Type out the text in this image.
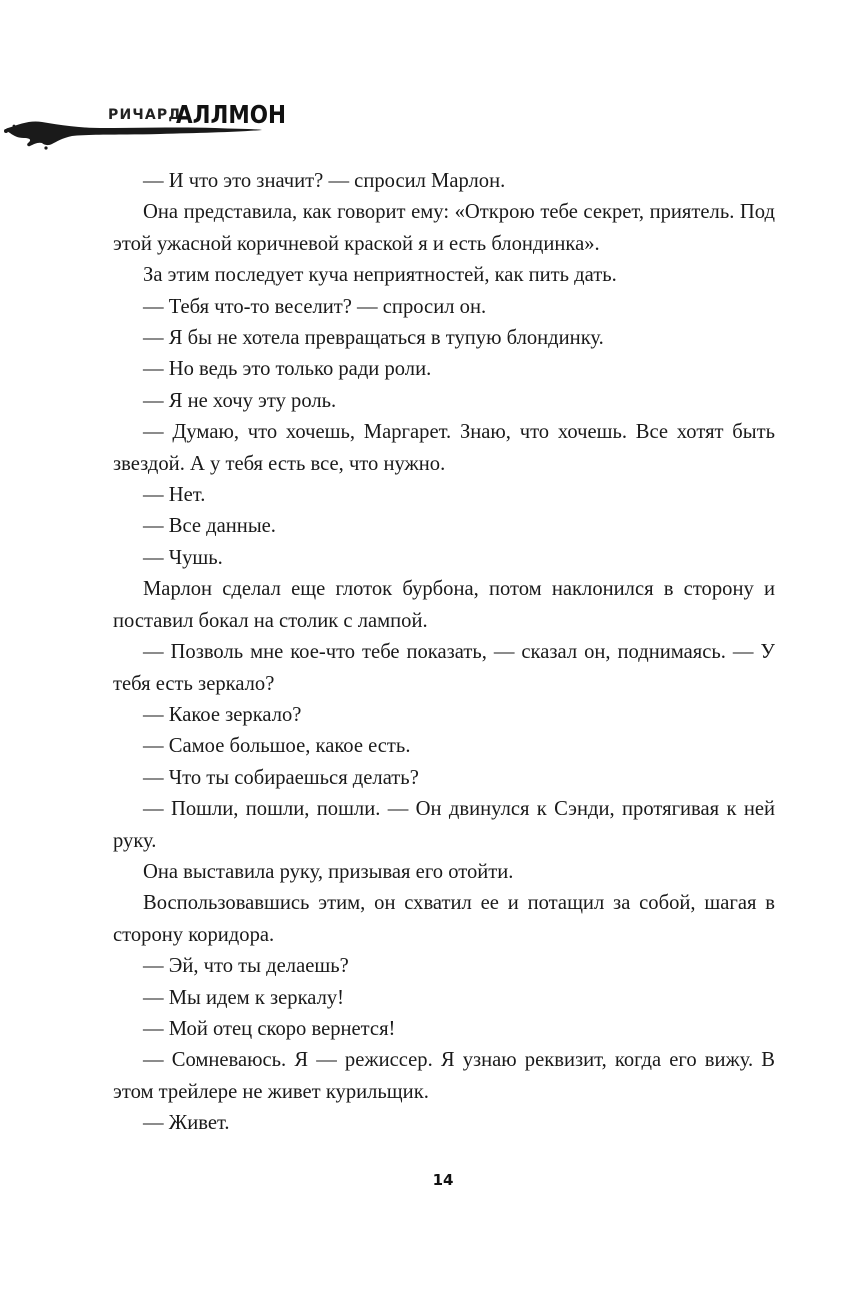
РИЧАРД
АЛЛМОН

— И что это значит? — спросил Марлон.

Она представила, как говорит ему: «Открою тебе секрет, приятель. Под этой ужасной коричневой краской я и есть блондинка».

За этим последует куча неприятностей, как пить дать.

— Тебя что-то веселит? — спросил он.

— Я бы не хотела превращаться в тупую блондинку.

— Но ведь это только ради роли.

— Я не хочу эту роль.

— Думаю, что хочешь, Маргарет. Знаю, что хочешь. Все хотят быть звездой. А у тебя есть все, что нужно.

— Нет.

— Все данные.

— Чушь.

Марлон сделал еще глоток бурбона, потом наклонился в сторону и поставил бокал на столик с лампой.

— Позволь мне кое-что тебе показать, — сказал он, поднимаясь. — У тебя есть зеркало?

— Какое зеркало?

— Самое большое, какое есть.

— Что ты собираешься делать?

— Пошли, пошли, пошли. — Он двинулся к Сэнди, протягивая к ней руку.

Она выставила руку, призывая его отойти.

Воспользовавшись этим, он схватил ее и потащил за собой, шагая в сторону коридора.

— Эй, что ты делаешь?

— Мы идем к зеркалу!

— Мой отец скоро вернется!

— Сомневаюсь. Я — режиссер. Я узнаю реквизит, когда его вижу. В этом трейлере не живет курильщик.

— Живет.

14
